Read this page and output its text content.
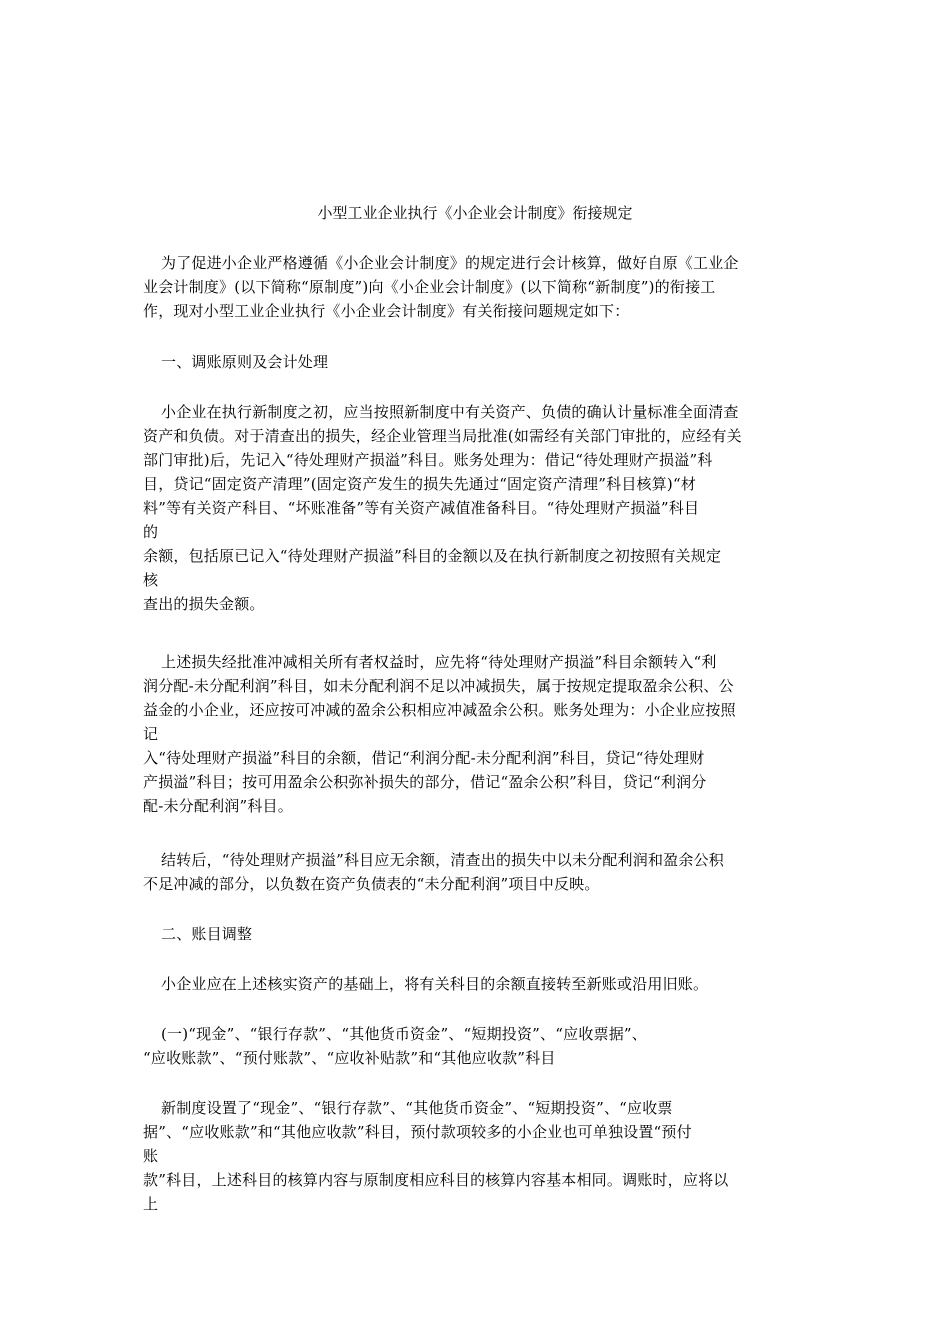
小型工业企业执行《小企业会计制度》衔接规定
为了促进小企业严格遵循《小企业会计制度》的规定进行会计核算，做好自原《工业企
业会计制度》(以下简称“原制度”)向《小企业会计制度》(以下简称“新制度”)的衔接工
作，现对小型工业企业执行《小企业会计制度》有关衔接问题规定如下：
一、调账原则及会计处理
小企业在执行新制度之初，应当按照新制度中有关资产、负债的确认计量标准全面清查
资产和负债。对于清查出的损失，经企业管理当局批准(如需经有关部门审批的，应经有关
部门审批)后，先记入“待处理财产损溢”科目。账务处理为：借记“待处理财产损溢”科
目，贷记“固定资产清理”(固定资产发生的损失先通过“固定资产清理”科目核算)“材
料”等有关资产科目、“坏账准备”等有关资产减值准备科目。“待处理财产损溢”科目
的
余额，包括原已记入“待处理财产损溢”科目的金额以及在执行新制度之初按照有关规定
核
查出的损失金额。
上述损失经批准冲减相关所有者权益时，应先将“待处理财产损溢”科目余额转入“利
润分配-未分配利润”科目，如未分配利润不足以冲减损失，属于按规定提取盈余公积、公
益金的小企业，还应按可冲减的盈余公积相应冲减盈余公积。账务处理为：小企业应按照
记
入“待处理财产损溢”科目的余额，借记“利润分配-未分配利润”科目，贷记“待处理财
产损溢”科目；按可用盈余公积弥补损失的部分，借记“盈余公积”科目，贷记“利润分
配-未分配利润”科目。
结转后，“待处理财产损溢”科目应无余额，清查出的损失中以未分配利润和盈余公积
不足冲减的部分，以负数在资产负债表的“未分配利润”项目中反映。
二、账目调整
小企业应在上述核实资产的基础上，将有关科目的余额直接转至新账或沿用旧账。
(一)“现金”、“银行存款”、“其他货币资金”、“短期投资”、“应收票据”、
“应收账款”、“预付账款”、“应收补贴款”和“其他应收款”科目
新制度设置了“现金”、“银行存款”、“其他货币资金”、“短期投资”、“应收票
据”、“应收账款”和“其他应收款”科目，预付款项较多的小企业也可单独设置“预付
账
款”科目，上述科目的核算内容与原制度相应科目的核算内容基本相同。调账时，应将以
上
